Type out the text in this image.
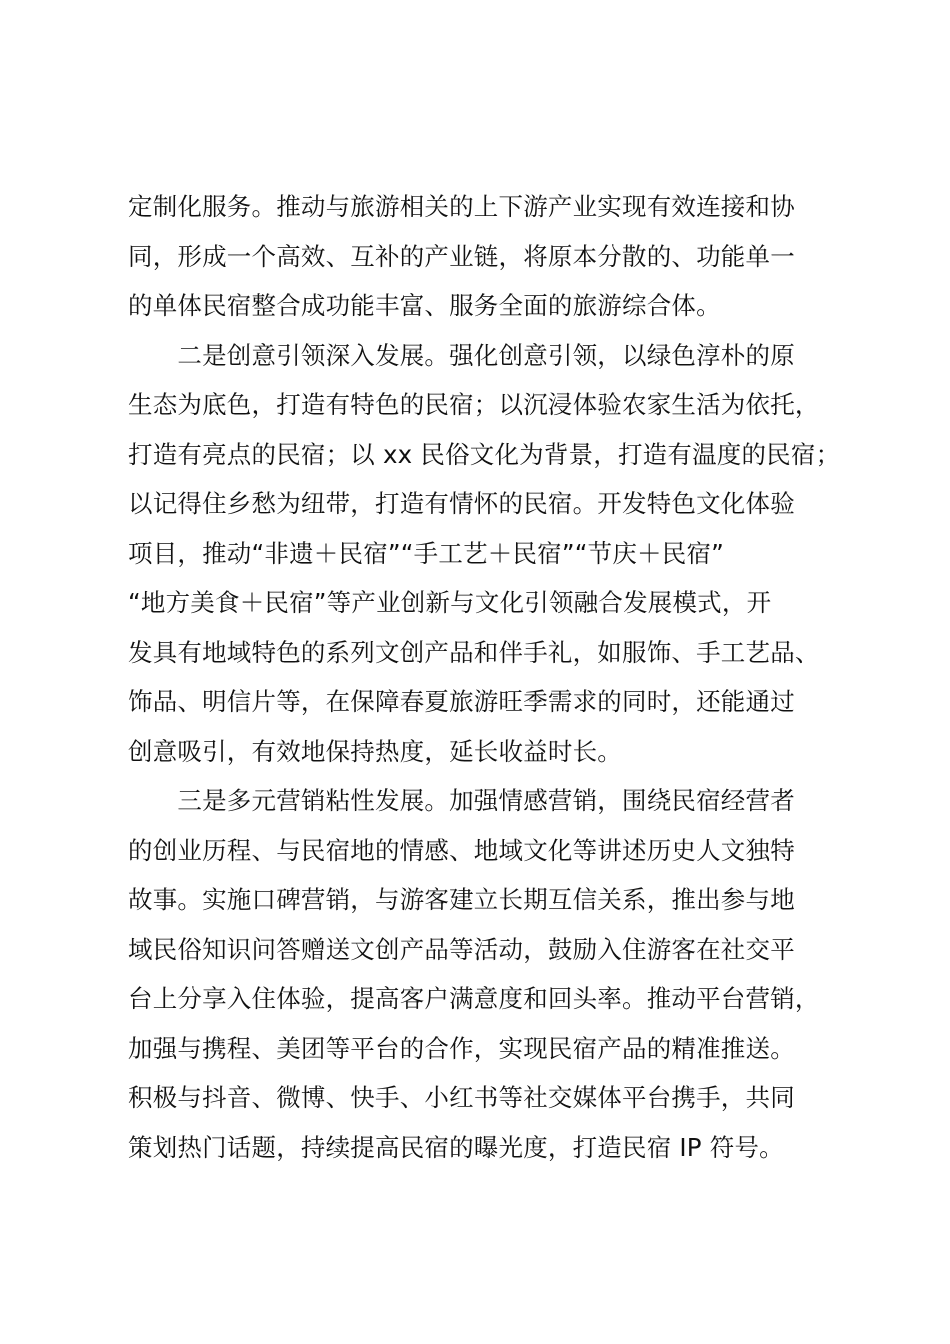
定制化服务。推动与旅游相关的上下游产业实现有效连接和协
同，形成一个高效、互补的产业链，将原本分散的、功能单一
的单体民宿整合成功能丰富、服务全面的旅游综合体。
　　二是创意引领深入发展。强化创意引领，以绿色淳朴的原
生态为底色，打造有特色的民宿；以沉浸体验农家生活为依托，
打造有亮点的民宿；以 xx 民俗文化为背景，打造有温度的民宿；
以记得住乡愁为纽带，打造有情怀的民宿。开发特色文化体验
项目，推动“非遗＋民宿”“手工艺＋民宿”“节庆＋民宿”
“地方美食＋民宿”等产业创新与文化引领融合发展模式，开
发具有地域特色的系列文创产品和伴手礼，如服饰、手工艺品、
饰品、明信片等，在保障春夏旅游旺季需求的同时，还能通过
创意吸引，有效地保持热度，延长收益时长。
　　三是多元营销粘性发展。加强情感营销，围绕民宿经营者
的创业历程、与民宿地的情感、地域文化等讲述历史人文独特
故事。实施口碑营销，与游客建立长期互信关系，推出参与地
域民俗知识问答赠送文创产品等活动，鼓励入住游客在社交平
台上分享入住体验，提高客户满意度和回头率。推动平台营销，
加强与携程、美团等平台的合作，实现民宿产品的精准推送。
积极与抖音、微博、快手、小红书等社交媒体平台携手，共同
策划热门话题，持续提高民宿的曝光度，打造民宿 IP 符号。
